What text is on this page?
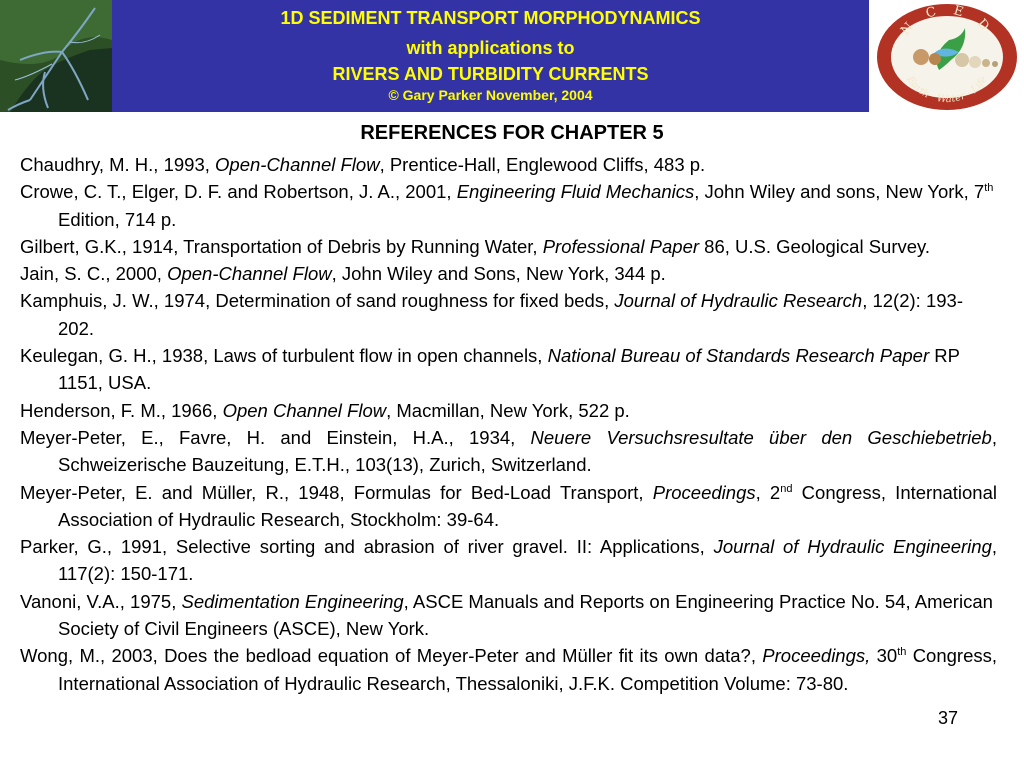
1D SEDIMENT TRANSPORT MORPHODYNAMICS
with applications to
RIVERS AND TURBIDITY CURRENTS
© Gary Parker November, 2004
N C E D
Earth · Water · Life
REFERENCES FOR CHAPTER 5

Chaudhry, M. H., 1993, Open-Channel Flow, Prentice-Hall, Englewood Cliffs, 483 p.

Crowe, C. T., Elger, D. F. and Robertson, J. A., 2001, Engineering Fluid Mechanics, John Wiley and sons, New York, 7th Edition, 714 p.

Gilbert, G.K., 1914, Transportation of Debris by Running Water, Professional Paper 86, U.S. Geological Survey.

Jain, S. C., 2000, Open-Channel Flow, John Wiley and Sons, New York, 344 p.

Kamphuis, J. W., 1974, Determination of sand roughness for fixed beds, Journal of Hydraulic Research, 12(2): 193-202.

Keulegan, G. H., 1938, Laws of turbulent flow in open channels, National Bureau of Standards Research Paper RP 1151, USA.

Henderson, F. M., 1966, Open Channel Flow, Macmillan, New York, 522 p.

Meyer-Peter, E., Favre, H. and Einstein, H.A., 1934, Neuere Versuchsresultate über den Geschiebetrieb, Schweizerische Bauzeitung, E.T.H., 103(13), Zurich, Switzerland.

Meyer-Peter, E. and Müller, R., 1948, Formulas for Bed-Load Transport, Proceedings, 2nd Congress, International Association of Hydraulic Research, Stockholm: 39-64.

Parker, G., 1991, Selective sorting and abrasion of river gravel. II: Applications, Journal of Hydraulic Engineering, 117(2): 150-171.

Vanoni, V.A., 1975, Sedimentation Engineering, ASCE Manuals and Reports on Engineering Practice No. 54, American Society of Civil Engineers (ASCE), New York.

Wong, M., 2003, Does the bedload equation of Meyer-Peter and Müller fit its own data?, Proceedings, 30th Congress, International Association of Hydraulic Research, Thessaloniki, J.F.K. Competition Volume: 73-80.

37
